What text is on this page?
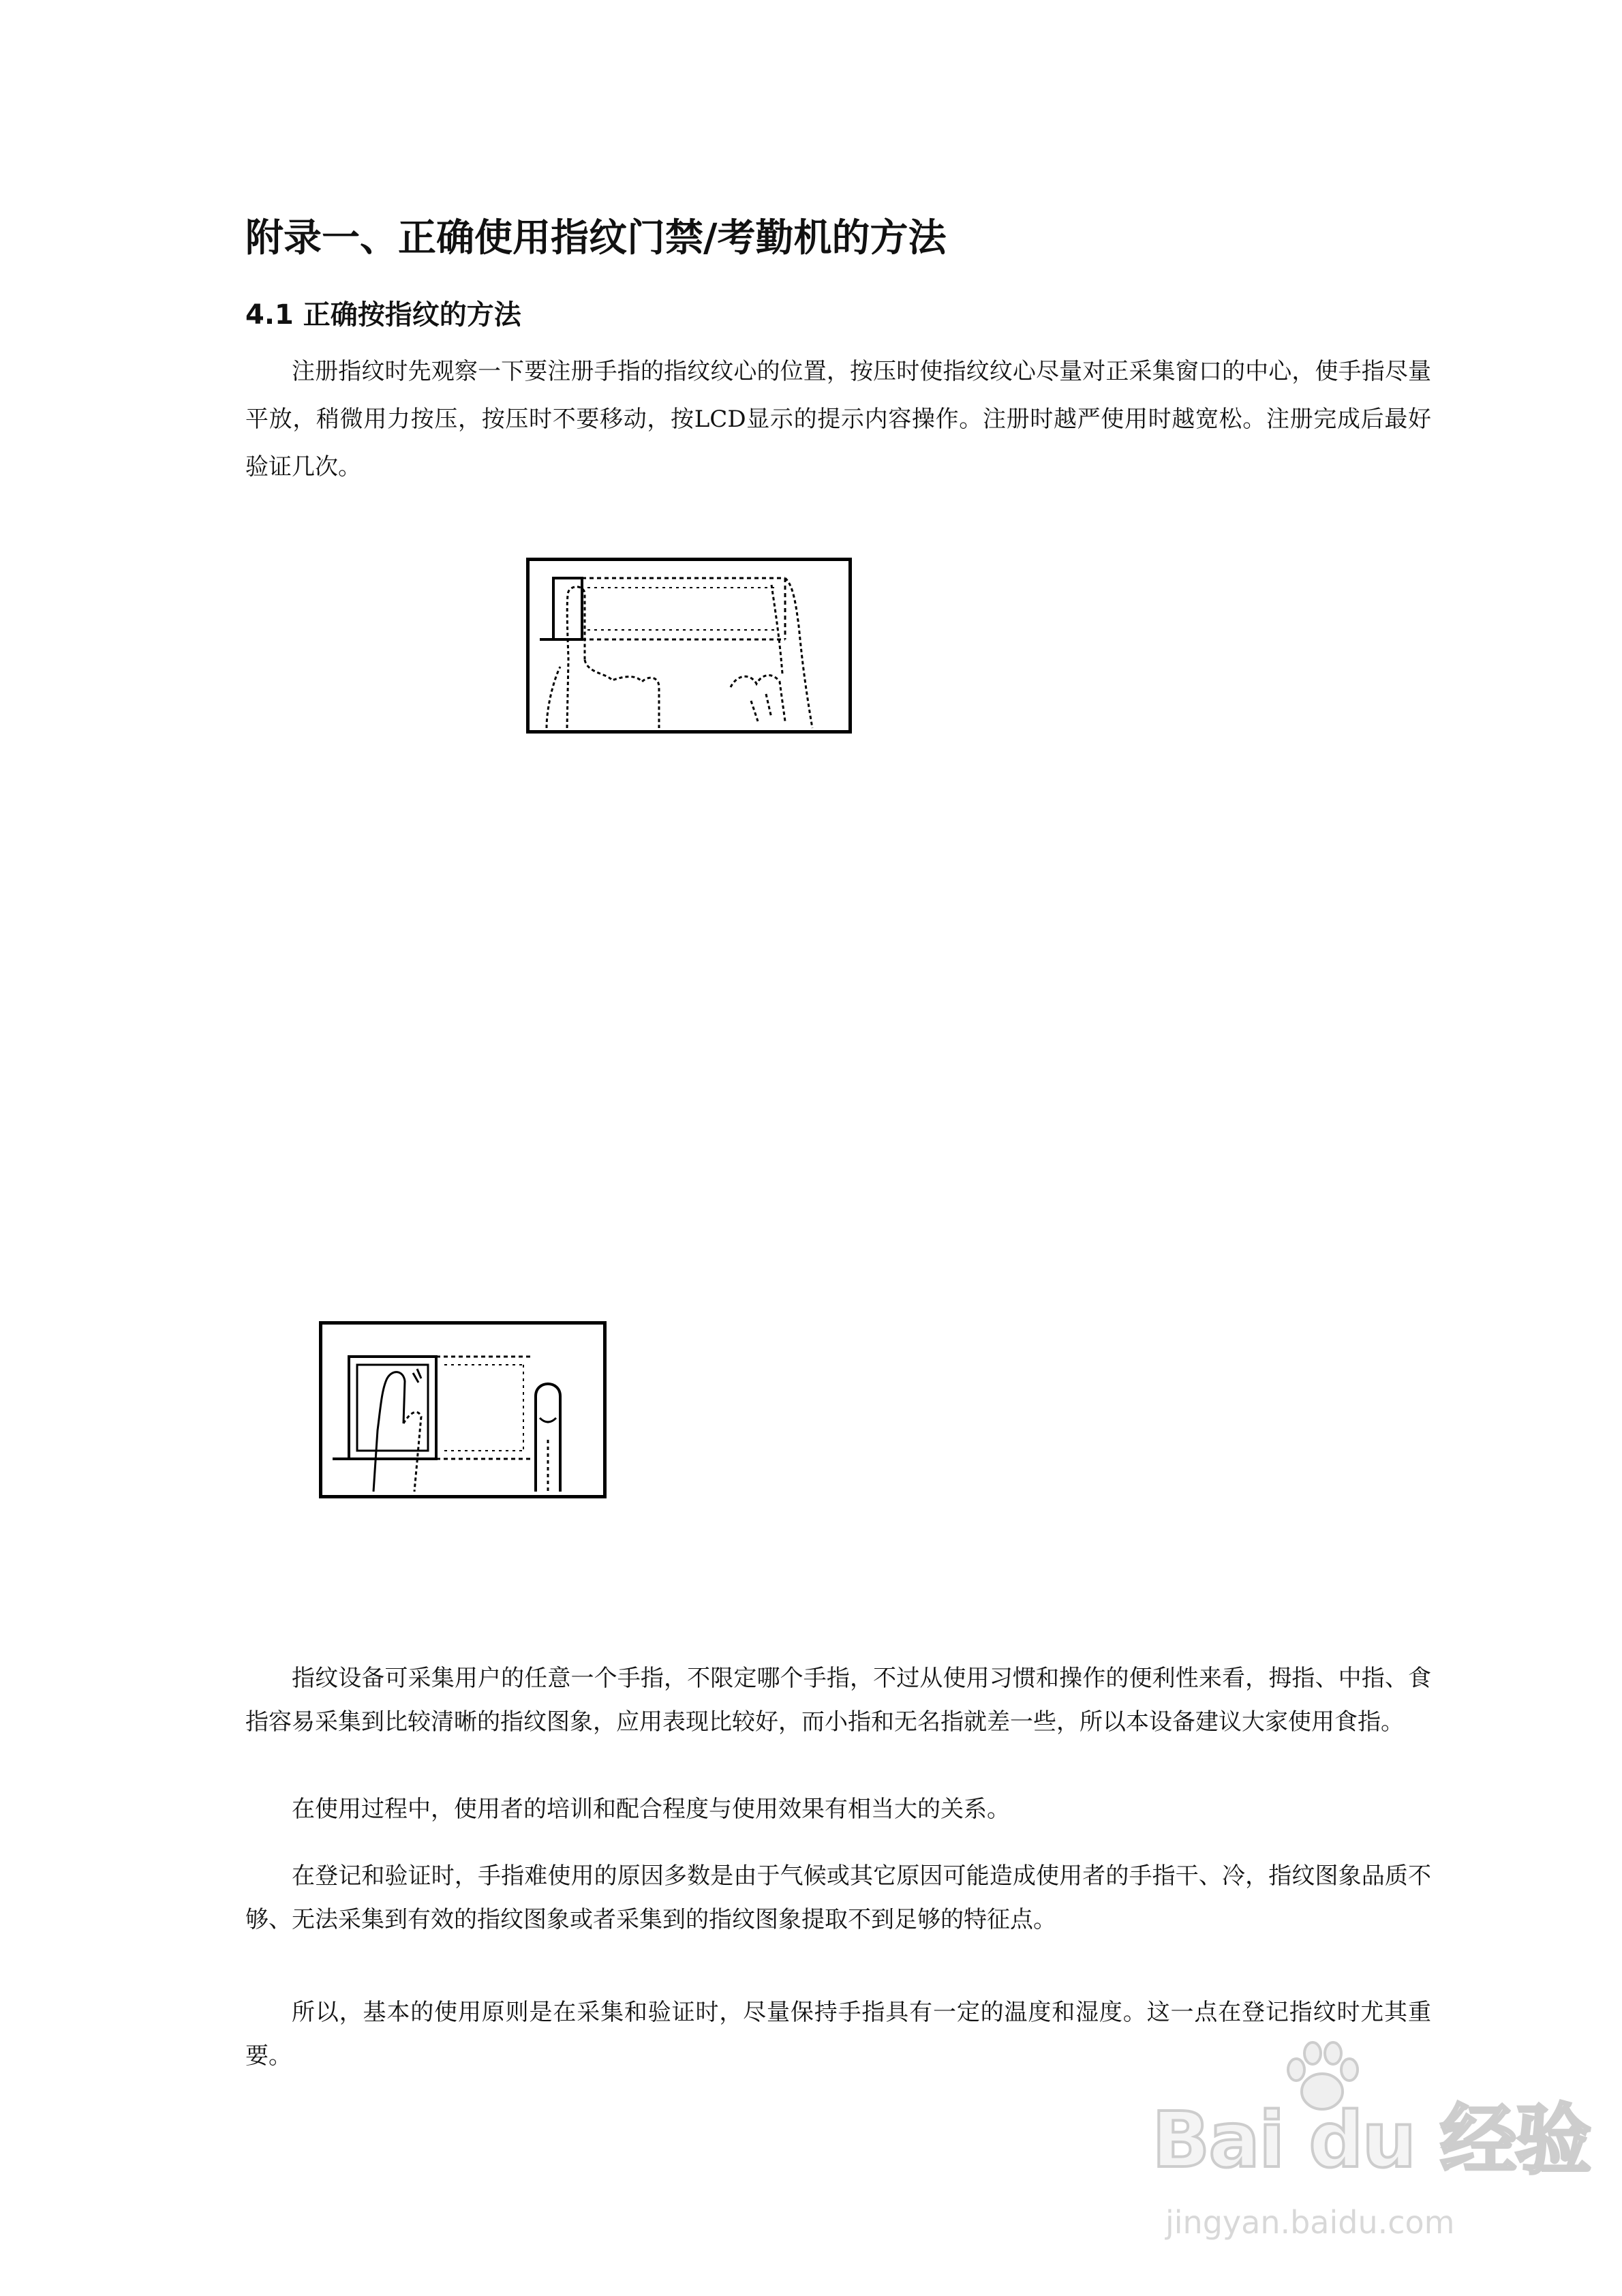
附录一、正确使用指纹门禁/考勤机的方法
4.1 正确按指纹的方法

注册指纹时先观察一下要注册手指的指纹纹心的位置，按压时使指纹纹心尽量对正采集窗口的中心，使手指尽量平放，稍微用力按压，按压时不要移动，按LCD显示的提示内容操作。注册时越严使用时越宽松。注册完成后最好验证几次。

指纹设备可采集用户的任意一个手指，不限定哪个手指，不过从使用习惯和操作的便利性来看，拇指、中指、食指容易采集到比较清晰的指纹图象，应用表现比较好，而小指和无名指就差一些，所以本设备建议大家使用食指。

在使用过程中，使用者的培训和配合程度与使用效果有相当大的关系。

在登记和验证时，手指难使用的原因多数是由于气候或其它原因可能造成使用者的手指干、冷，指纹图象品质不够、无法采集到有效的指纹图象或者采集到的指纹图象提取不到足够的特征点。

所以，基本的使用原则是在采集和验证时，尽量保持手指具有一定的温度和湿度。这一点在登记指纹时尤其重要。

Bai du 经验
jingyan.baidu.com
